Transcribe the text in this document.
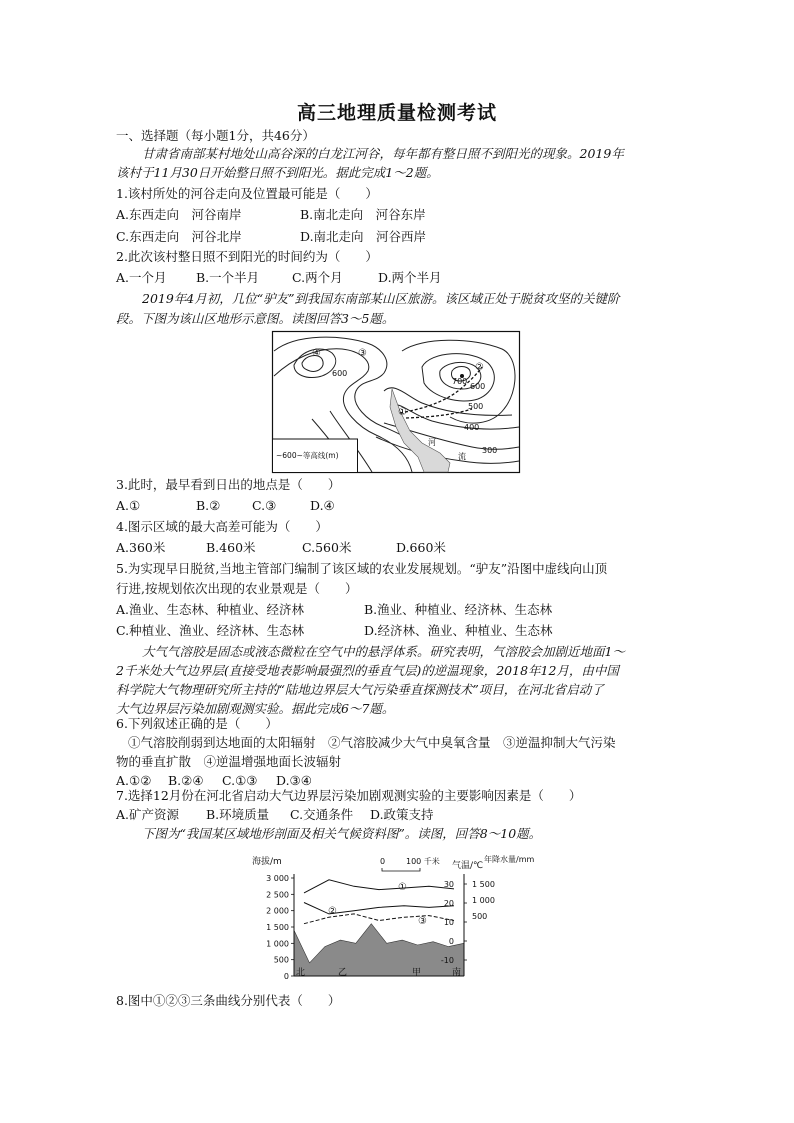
高三地理质量检测考试
一、选择题（每小题1分，共46分）
甘肃省南部某村地处山高谷深的白龙江河谷，每年都有整日照不到阳光的现象。2019年
该村于11月30日开始整日照不到阳光。据此完成1～2题。
1.该村所处的河谷走向及位置最可能是（　　）
A.东西走向　河谷南岸	B.南北走向　河谷东岸
C.东西走向　河谷北岸	D.南北走向　河谷西岸
2.此次该村整日照不到阳光的时间约为（　　）
A.一个月 B.一个半月	C.两个月	D.两个半月
2019年4月初，几位“驴友”到我国东南部某山区旅游。该区域正处于脱贫攻坚的关键阶
段。下图为该山区地形示意图。读图回答3～5题。
600
700
600
500
400
300
④	③
②
①
河
流
~600~等高线(m)
3.此时，最早看到日出的地点是（　　）
A.①	B.②	C.③	D.④
4.图示区域的最大高差可能为（　　）
A.360米	B.460米	C.560米	D.660米
5.为实现早日脱贫,当地主管部门编制了该区域的农业发展规划。“驴友”沿图中虚线向山顶
行进,按规划依次出现的农业景观是（　　）
A.渔业、生态林、种植业、经济林	B.渔业、种植业、经济林、生态林
C.种植业、渔业、经济林、生态林	D.经济林、渔业、种植业、生态林
大气气溶胶是固态或液态微粒在空气中的悬浮体系。研究表明，气溶胶会加剧近地面1～
2千米处大气边界层(直接受地表影响最强烈的垂直气层)的逆温现象，2018年12月，由中国
科学院大气物理研究所主持的“陆地边界层大气污染垂直探测技术”项目，在河北省启动了
大气边界层污染加剧观测实验。据此完成6～7题。
6.下列叙述正确的是（　　）
①气溶胶削弱到达地面的太阳辐射　②气溶胶减少大气中臭氧含量　③逆温抑制大气污染
物的垂直扩散　④逆温增强地面长波辐射
A.①② B.②④ C.①③ D.③④
7.选择12月份在河北省启动大气边界层污染加剧观测实验的主要影响因素是（　　）
A.矿产资源 B.环境质量 C.交通条件 D.政策支持
下图为“我国某区域地形剖面及相关气候资料图”。读图，回答8～10题。
海拔/m	气温/℃
年降水量/mm
0	100 千米
3 000
2 500
2 000
1 500
1 000
500
0
30
20
10
0
-10
1 500
1 000
500
①
②
③
北	乙	甲	南
8.图中①②③三条曲线分别代表（　　）
